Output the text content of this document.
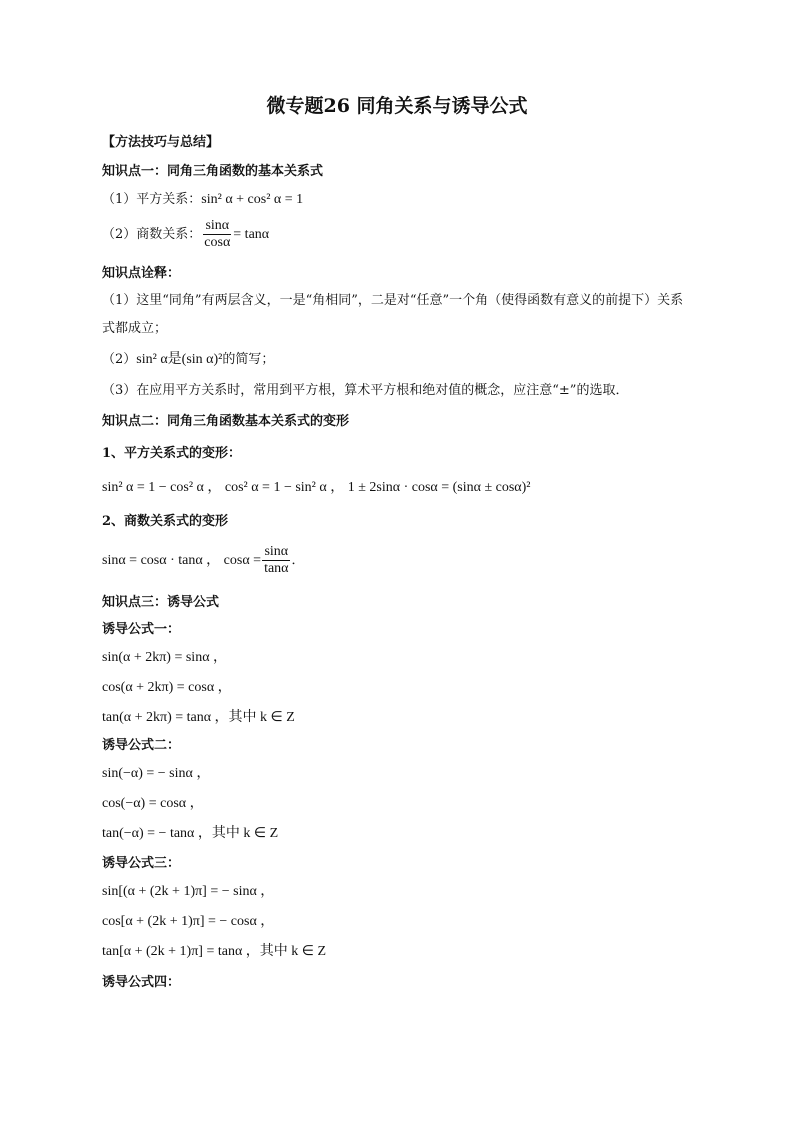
微专题26 同角关系与诱导公式
【方法技巧与总结】
知识点一：同角三角函数的基本关系式
（1）平方关系：sin² α + cos² α = 1
（2）商数关系： $\frac{\sin\alpha}{\cos\alpha} = \tan\alpha$
知识点诠释：
（1）这里“同角”有两层含义，一是“角相同”，二是对“任意”一个角（使得函数有意义的前提下）关系
式都成立；
（2）sin² α是(sin α)²的简写；
（3）在应用平方关系时，常用到平方根，算术平方根和绝对值的概念，应注意“±”的选取．
知识点二：同角三角函数基本关系式的变形
1、平方关系式的变形：
sin² α = 1 − cos² α ， cos² α = 1 − sin² α ， 1 ± 2sinα · cosα = (sinα ± cosα)²
2、商数关系式的变形
sinα = cosα · tanα ， $\cos\alpha = \frac{\sin\alpha}{\tan\alpha}$ ．
知识点三：诱导公式
诱导公式一：
sin(α + 2kπ) = sinα ，
cos(α + 2kπ) = cosα ，
tan(α + 2kπ) = tanα ，其中 k ∈ Z
诱导公式二：
sin(−α) = − sinα ，
cos(−α) = cosα ，
tan(−α) = − tanα ，其中 k ∈ Z
诱导公式三：
sin[(α + (2k + 1)π] = − sinα ，
cos[α + (2k + 1)π] = − cosα ，
tan[α + (2k + 1)π] = tanα ，其中 k ∈ Z
诱导公式四：
